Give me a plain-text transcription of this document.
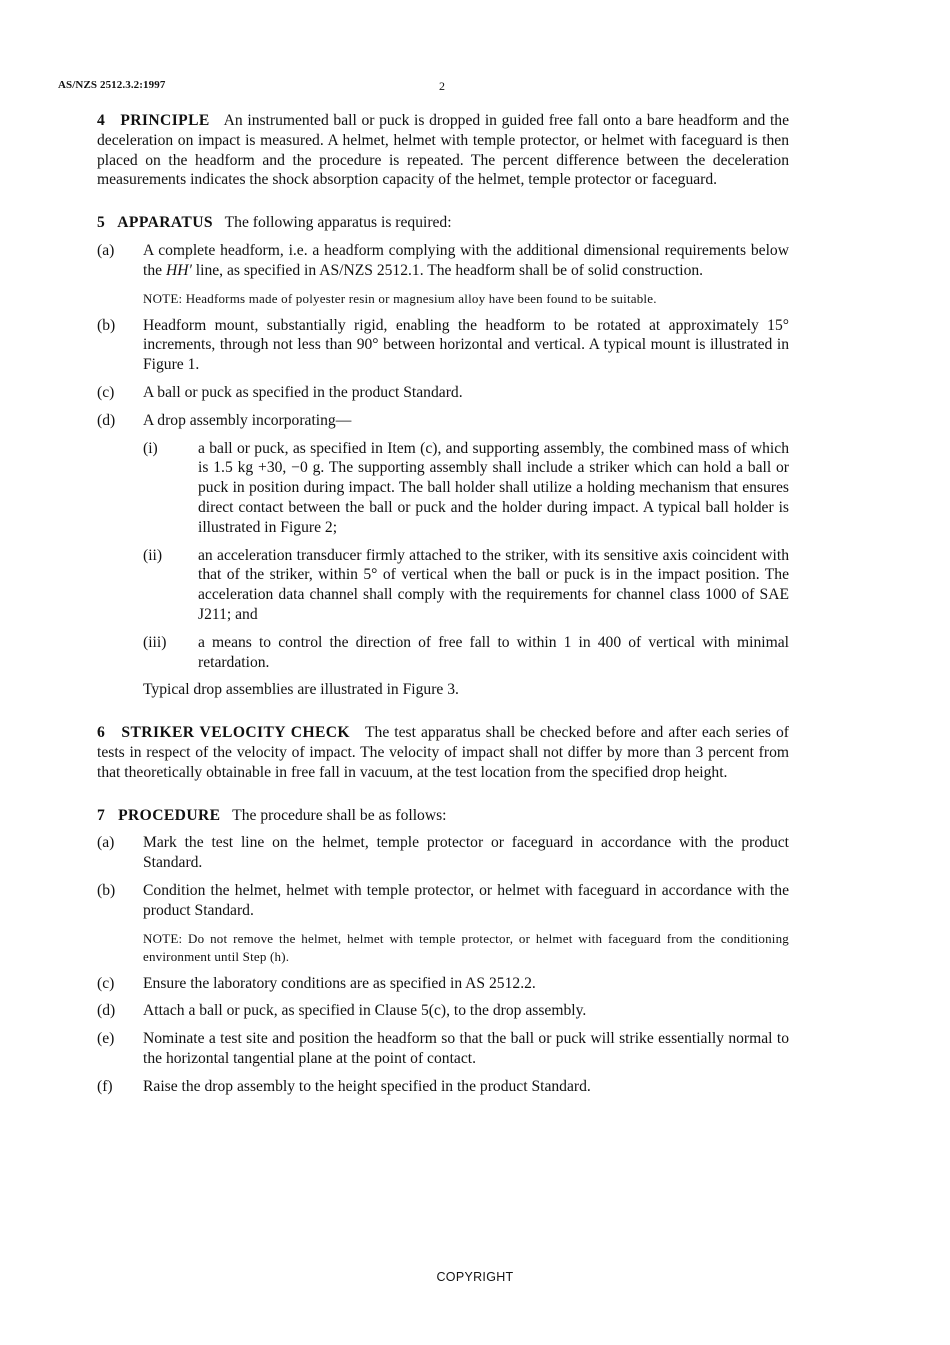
AS/NZS 2512.3.2:1997	2

4   PRINCIPLE An instrumented ball or puck is dropped in guided free fall onto a bare headform and the deceleration on impact is measured. A helmet, helmet with temple protector, or helmet with faceguard is then placed on the headform and the procedure is repeated. The percent difference between the deceleration measurements indicates the shock absorption capacity of the helmet, temple protector or faceguard.

5   APPARATUS The following apparatus is required:

(a) A complete headform, i.e. a headform complying with the additional dimensional requirements below the HH′ line, as specified in AS/NZS 2512.1. The headform shall be of solid construction.
NOTE: Headforms made of polyester resin or magnesium alloy have been found to be suitable.
(b) Headform mount, substantially rigid, enabling the headform to be rotated at approximately 15° increments, through not less than 90° between horizontal and vertical. A typical mount is illustrated in Figure 1.
(c) A ball or puck as specified in the product Standard.
(d) A drop assembly incorporating—
(i)	a ball or puck, as specified in Item (c), and supporting assembly, the combined mass of which is 1.5 kg +30, −0 g. The supporting assembly shall include a striker which can hold a ball or puck in position during impact. The ball holder shall utilize a holding mechanism that ensures direct contact between the ball or puck and the holder during impact. A typical ball holder is illustrated in Figure 2;
(ii) an acceleration transducer firmly attached to the striker, with its sensitive axis coincident with that of the striker, within 5° of vertical when the ball or puck is in the impact position. The acceleration data channel shall comply with the requirements for channel class 1000 of SAE J211; and
(iii) a means to control the direction of free fall to within 1 in 400 of vertical with minimal retardation.
Typical drop assemblies are illustrated in Figure 3.

6   STRIKER VELOCITY CHECK The test apparatus shall be checked before and after each series of tests in respect of the velocity of impact. The velocity of impact shall not differ by more than 3 percent from that theoretically obtainable in free fall in vacuum, at the test location from the specified drop height.

7   PROCEDURE The procedure shall be as follows:

(a) Mark the test line on the helmet, temple protector or faceguard in accordance with the product Standard.
(b) Condition the helmet, helmet with temple protector, or helmet with faceguard in accordance with the product Standard.
NOTE: Do not remove the helmet, helmet with temple protector, or helmet with faceguard from the conditioning environment until Step (h).
(c) Ensure the laboratory conditions are as specified in AS 2512.2.
(d) Attach a ball or puck, as specified in Clause 5(c), to the drop assembly.
(e) Nominate a test site and position the headform so that the ball or puck will strike essentially normal to the horizontal tangential plane at the point of contact.
(f) Raise the drop assembly to the height specified in the product Standard.
COPYRIGHT
